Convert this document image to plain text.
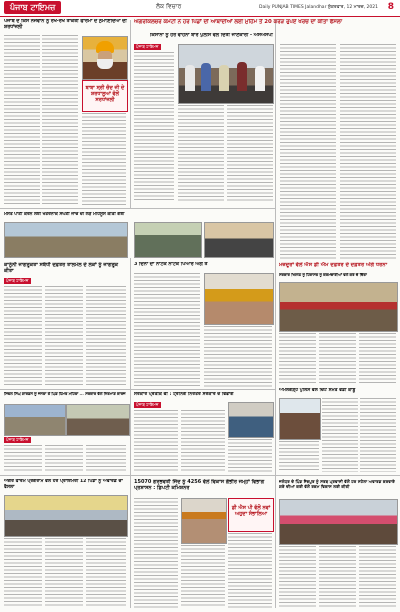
ਪੰਜਾਬ ਟਾਇਮਜ਼	ਲੋਕ ਵਿਚਾਰ	Daily PUNJAB TIMES Jalandhar ਸ਼ੁੱਕਰਵਾਰ, 12 ਮਾਰਚ, 2021 8
ਪੰਜਾਬ ਦੇ ਕਿਸ ਨੌਜਵਾਨ ਨੂੰ ਰੱਖ-ਰੱਖ ਤਾਕਤੀ ਫਾਰਮਾਂ ਦੇ ਨੁਮਾਇੰਦਿਆਂ ਦੀ ਸ਼ਰਧਾਂਜਲੀ
ਬਾਬਾ ਸ੍ਰੀ ਚੰਦ ਜੀ ਦੇ ਸ਼ਰਧਾਲੂਆਂ ਵੱਲੋਂ ਸਰਧਾਂਜਲੀ
ਐਗਰੀਕਲਚਰ ਕਮੇਟੀ ਨੇ ਹਰ ਪਿੰਡਾਂ ਦੀ ਆਬਾਦੀਆਂ ਲਈ ਮੁਹਿੰਮ ਤੋਂ 20 ਕਰੋੜ ਰੁਪਏ ਖਰਚ ਦਾ ਕੀਤਾ ਫੈਸਲਾ
ਕਿਸਾਨਾਂ ਨੂੰ ਹਰ ਵਾਹਨਾਂ ਬਾਰੇ ਪੁਲੀਸ ਵੱਲੋਂ ਦਿੱਤੀ ਜਾਣਕਾਰੀ - ਐਸਐਸਪੀ
ਪੰਜਾਬ ਟਾਇਮਜ਼
ਮਸਤ ਪਾਣੀ ਕਰਨ ਲਈ ਖਤਰਨਾਕ ਸੰਘਣੀ ਜਾਂਚ ਦੀ ਲੋੜ ਮਹਿਸੂਸ ਕੀਤੀ ਗਈ
ਕਾਨੂੰਨੀ ਜਾਗਰੂਕਤਾ ਸਬੰਧੀ ਦਫ਼ਤਰ ਤਾਲਮੇਲ ਦੇ ਲੋਕਾਂ ਨੂੰ ਜਾਗਰੂਕ ਕੀਤਾ
ਪੰਜਾਬ ਟਾਇਮਜ਼
3 ਦਿਨਾਂ ਦਾ ਨਾਟਕ ਨਾਟਕ ਪਿਆਰ ਅੰਗ ਤੋਂ	ਮਜ਼ਦੂਰਾਂ ਵੱਲੋਂ ਐਸ ਡੀ ਐਮ ਦਫ਼ਤਰ ਦੇ ਦਫ਼ਤਰ ਅੱਗੇ ਧਰਨਾ
ਸਰਕਾਰ ਖਿਲਾਫ਼ ਨੂੰ ਹਿਰਾਸਤ ਨੂੰ ਕਰਮਚਾਰੀਆਂ ਵਲੋਂ ਕਰੋ ਦੇ ਦਿੱਤਾ
ਅਮਲਗੜ੍ਹ ਪੁਲਿਸ ਵੱਲੋਂ ਚਿੱਟੇ ਸਮੇਤ ਵੱਡੀ ਕਾਬੂ
ਸਰਕਾਰ ਪ੍ਰਤੀਕ ਵੀ : ਟ੍ਰੇਨਿੰਗ ਨਿਰੰਤਰ ਸਰਕਾਰ ਦੇ ਵਿਭਾਗ
ਪੰਜਾਬ ਟਾਇਮਜ਼
ਸਿਵਲ ਸਿੰਘ ਗਾਰਡਨ ਨੂੰ ਜਨਤਾ ਤੋਂ ਪਿੰਡ ਹਿੰਮਤ ਮਹਿਤਾ ... ਸਰਕਾਰ ਵੱਲੋਂ ਨਿਰਮਾਣ ਕਾਰਜ
ਪੰਜਾਬ ਟਾਇਮਜ਼
ਐਗਰੋ ਫਾਰਮ ਪ੍ਰੋਗਰਾਮ ਵੱਲੋਂ ਹਰ ਪ੍ਰਾਇਮਰੀ 12 ਪਿੰਡਾਂ ਨੂੰ ਅਵਾਰਡ ਦਾ ਫੈਸਲਾ
15070 ਗਰਭਵਤੀ ਜਿੰਦ ਨੂੰ 4256 ਵੱਲੋਂ ਵਿਕਾਸ ਗੰਭੀਰ ਜਮ੍ਹਾਂ ਵਿਭਾਗ ਪ੍ਰਸ਼ਾਸਨ : ਡਿਪਟੀ ਕਮਿਸ਼ਨਰ
ਡੀ ਐਸ ਪੀ ਵੱਲੋਂ ਨਵਾਂ ਅਹੁਦਾ ਸੰਭਾਲਿਆ
ਜਲੰਧਰ ਦੇ ਪਿੰਡ ਸੈਦਪੁਰ ਨੂੰ ਸਰਬ ਪ੍ਰਵਾਸੀ ਵੱਲੋਂ ਹਰ ਸਹੇਲਾ ਅਵਾਰਡ ਕਰਵਾਏ ਗਏ ਦੀਆਂ ਕਈ ਵੱਲੋਂ ਰਕਮ ਵਿਕਾਸ ਲਈ ਕੀਤੀ
